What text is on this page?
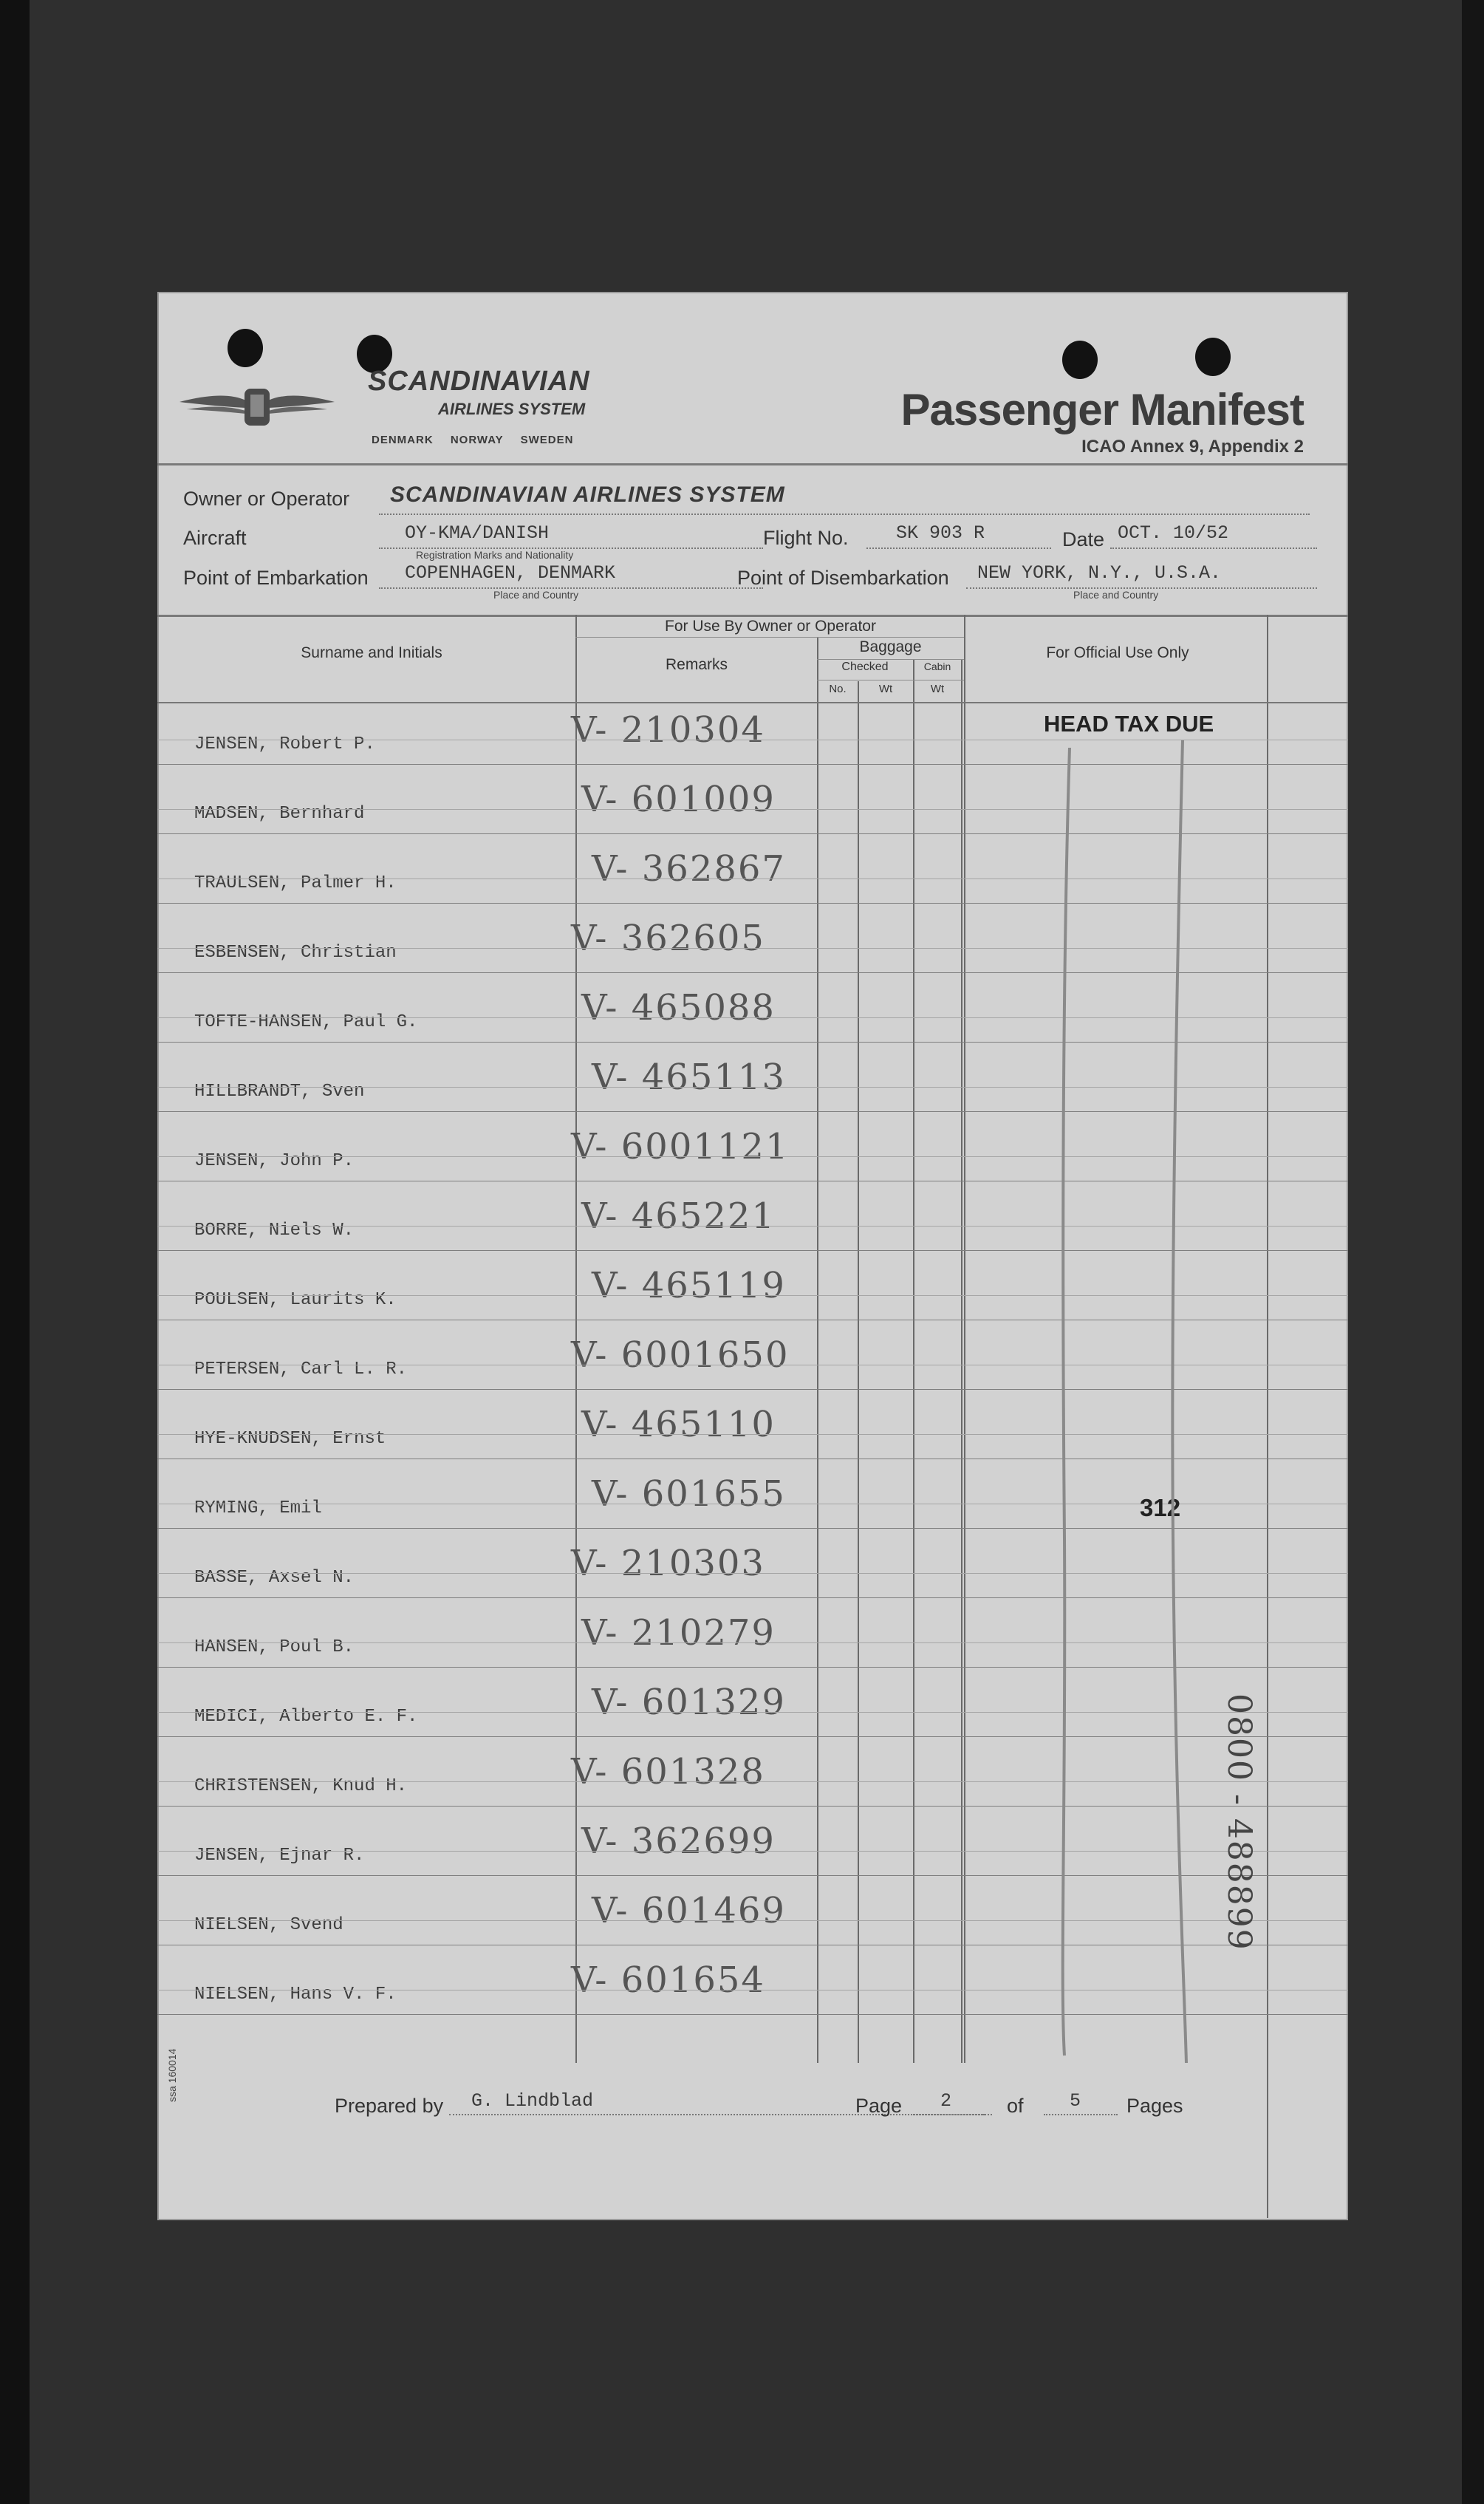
SCANDINAVIAN
AIRLINES SYSTEM
DENMARK NORWAY SWEDEN
Passenger Manifest
ICAO Annex 9, Appendix 2
Owner or Operator SCANDINAVIAN AIRLINES SYSTEM
Aircraft	OY-KMA/DANISH
Registration Marks and Nationality
Flight No.	SK 903 R	Date OCT. 10/52
Point of Embarkation COPENHAGEN, DENMARK
Place and Country
Point of Disembarkation NEW YORK, N.Y., U.S.A.
Place and Country
Surname and Initials
For Use By Owner or Operator
Remarks
Baggage
Checked	Cabin
No.	Wt	Wt
For Official Use Only
JENSEN, Robert P.	V- 210304
MADSEN, Bernhard	V- 601009
TRAULSEN, Palmer H.	V- 362867
ESBENSEN, Christian	V- 362605
TOFTE-HANSEN, Paul G.	V- 465088
HILLBRANDT, Sven	V- 465113
JENSEN, John P.	V- 6001121
BORRE, Niels W.	V- 465221
POULSEN, Laurits K.	V- 465119
PETERSEN, Carl L. R.	V- 6001650
HYE-KNUDSEN, Ernst	V- 465110
RYMING, Emil	V- 601655
BASSE, Axsel N.	V- 210303
HANSEN, Poul B.	V- 210279
MEDICI, Alberto E. F.	V- 601329
CHRISTENSEN, Knud H.	V- 601328
JENSEN, Ejnar R.	V- 362699
NIELSEN, Svend	V- 601469
NIELSEN, Hans V. F.	V- 601654
HEAD TAX DUE
312
0800 - 488899
Prepared by G. Lindblad	Page 2	of 5 Pages
ssa 160014
